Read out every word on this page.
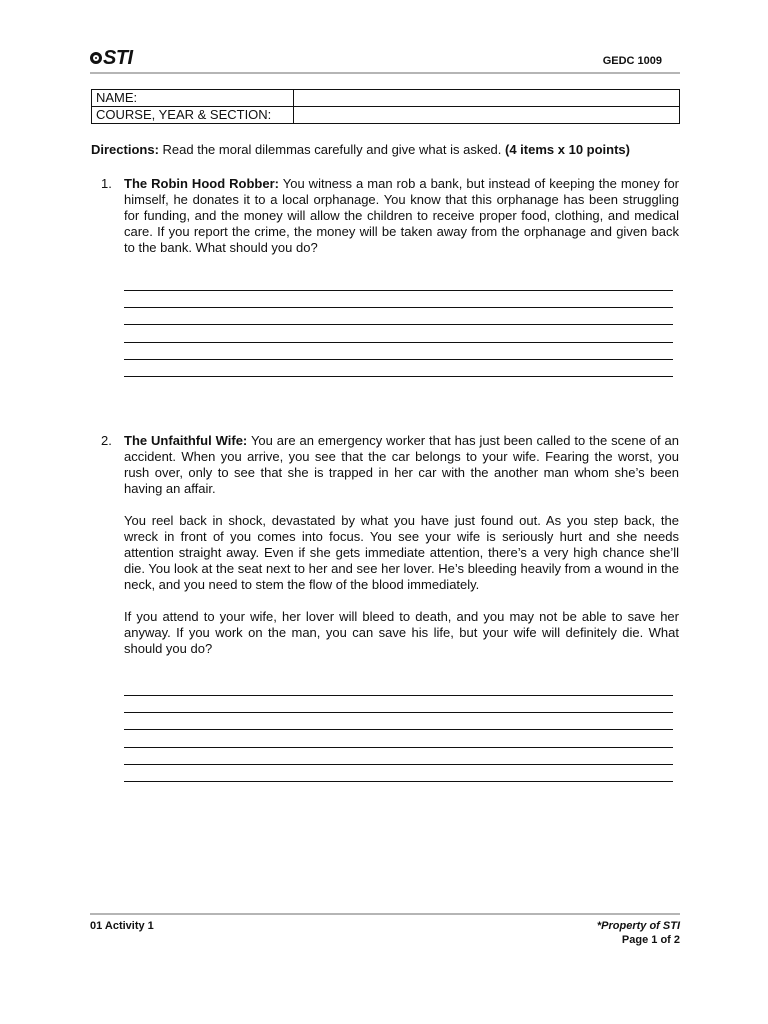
STI	GEDC 1009
NAME:	
COURSE, YEAR & SECTION:	
Directions: Read the moral dilemmas carefully and give what is asked. (4 items x 10 points)
1. The Robin Hood Robber: You witness a man rob a bank, but instead of keeping the money for himself, he donates it to a local orphanage. You know that this orphanage has been struggling for funding, and the money will allow the children to receive proper food, clothing, and medical care. If you report the crime, the money will be taken away from the orphanage and given back to the bank. What should you do?

2. The Unfaithful Wife: You are an emergency worker that has just been called to the scene of an accident. When you arrive, you see that the car belongs to your wife. Fearing the worst, you rush over, only to see that she is trapped in her car with the another man whom she’s been having an affair.

You reel back in shock, devastated by what you have just found out. As you step back, the wreck in front of you comes into focus. You see your wife is seriously hurt and she needs attention straight away. Even if she gets immediate attention, there’s a very high chance she’ll die. You look at the seat next to her and see her lover. He’s bleeding heavily from a wound in the neck, and you need to stem the flow of the blood immediately.

If you attend to your wife, her lover will bleed to death, and you may not be able to save her anyway. If you work on the man, you can save his life, but your wife will definitely die. What should you do?

01 Activity 1	*Property of STI
Page 1 of 2
